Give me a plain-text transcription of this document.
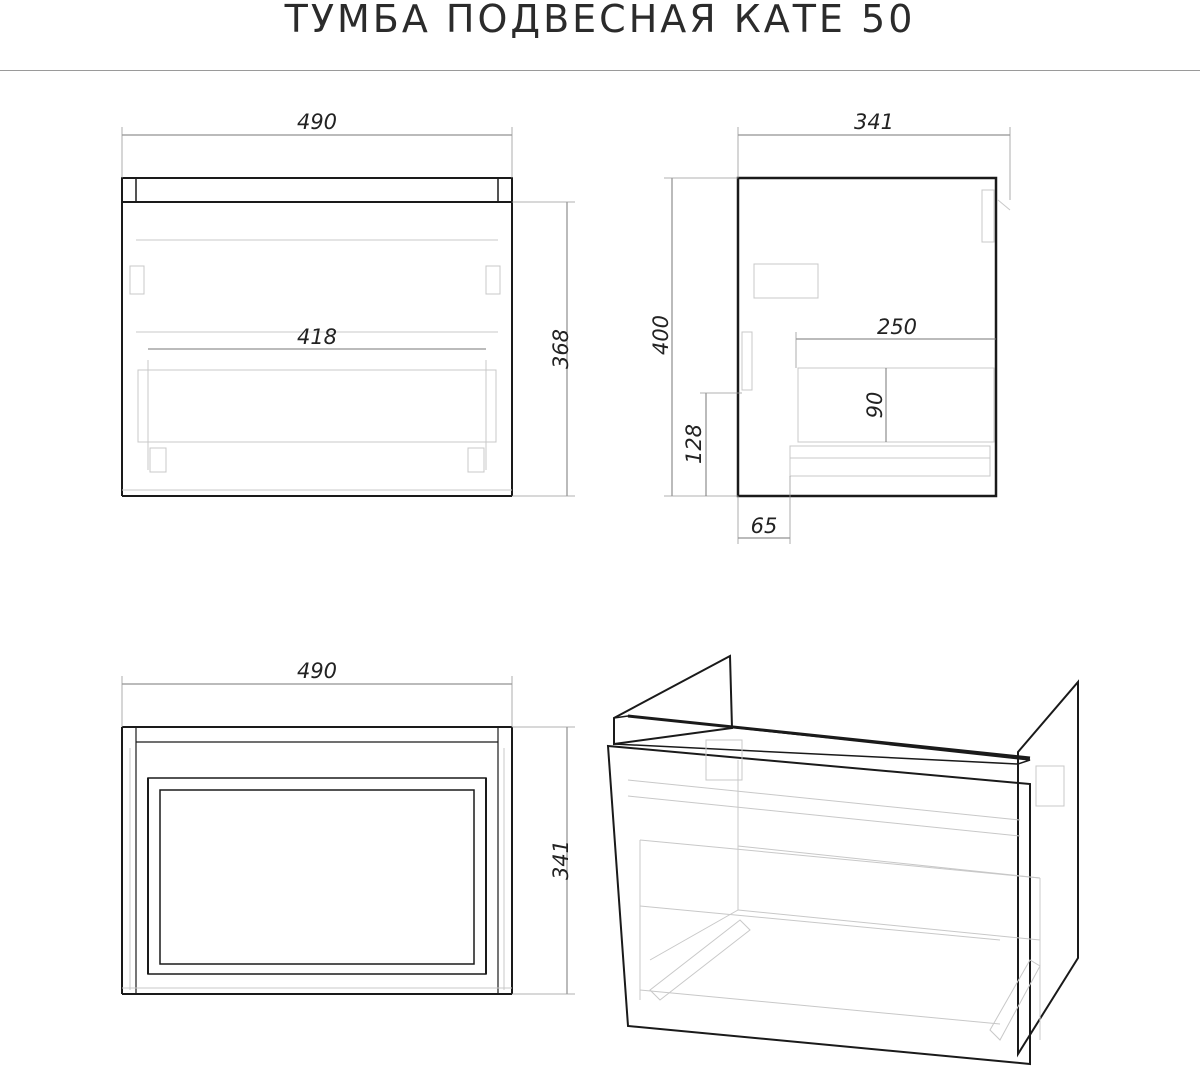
ТУМБА ПОДВЕСНАЯ КАТЕ 50
490
368
418
341
400	250
90
128
65
490
341
